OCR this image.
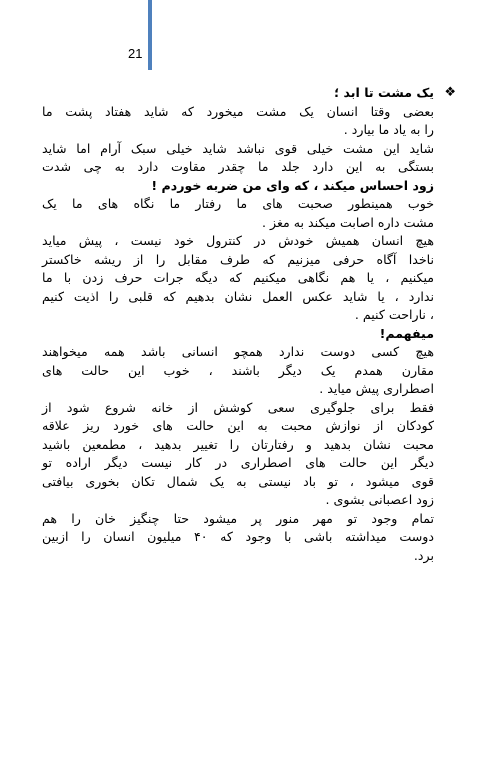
21
❖
یک مشت تا ابد ؛
بعضی وقتا انسان یک مشت میخورد که شاید هفتاد پشت ما
را به یاد ما بیارد .
شاید این مشت خیلی قوی نباشد شاید خیلی سبک آرام اما شاید
بستگی به این دارد جلد ما چقدر مقاوت دارد به چی شدت
زود احساس میکند ، که وای من ضربه خوردم !
خوب همینطور صحبت های ما رفتار ما نگاه های ما یک
مشت داره اصابت میکند به مغز .
هیچ انسان همیش خودش در کنترول خود نیست ، پیش میاید
ناخدا آگاه حرفی میزنیم که طرف مقابل را از ریشه خاکستر
میکنیم ، یا هم نگاهی میکنیم که دیگه جرات حرف زدن با ما
ندارد ، یا شاید عکس العمل نشان بدهیم که قلبی را اذیت کنیم
، ناراحت کنیم .
میفهمم!
هیچ کسی دوست ندارد همچو انسانی باشد همه میخواهند
مقارن همدم یک دیگر باشند ، خوب این حالت های
اصطراری پیش میاید .
فقط برای جلوگیری سعی کوشش از خانه شروع شود از
کودکان از نوازش محبت به این حالت های خورد ریز علاقه
محبت نشان بدهید و رفتارتان را تغییر بدهید ، مطمعین باشید
دیگر این حالت های اصطراری در کار نیست دیگر اراده تو
قوی میشود ، تو باد نیستی به یک شمال تکان بخوری بیافتی
زود اعصبانی بشوی .
تمام وجود تو مهر منور پر میشود حتا چنگیز خان را هم
دوست میداشته باشی با وجود که ۴۰ میلیون انسان را ازبین
برد.
